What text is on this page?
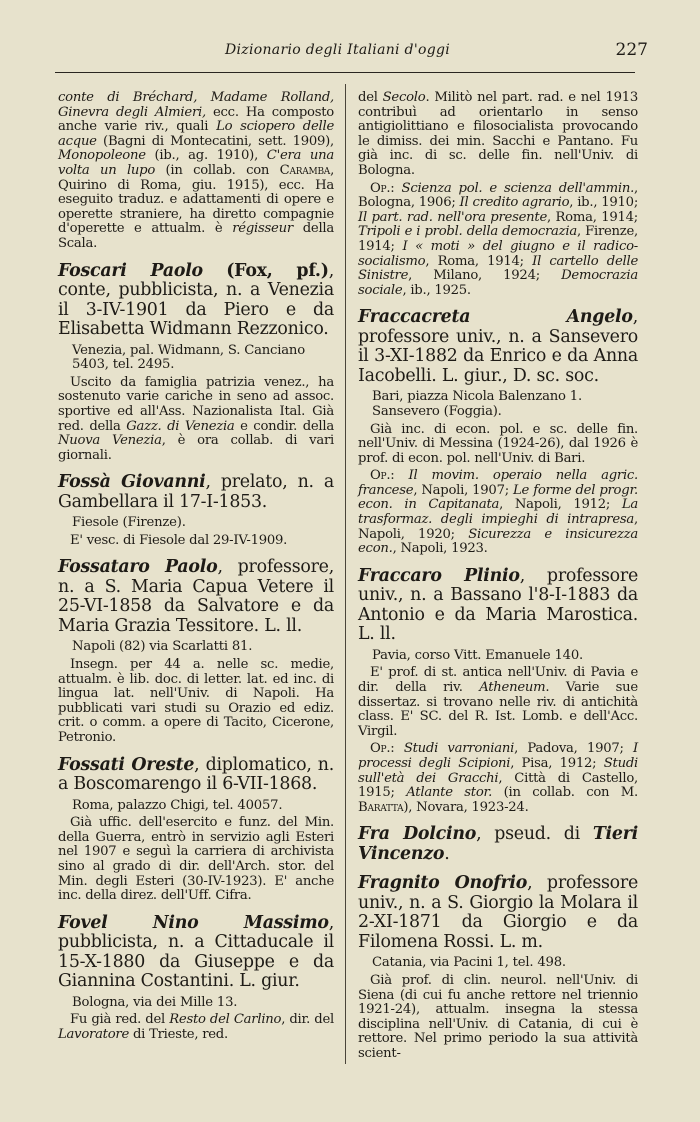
Dizionario degli Italiani d'oggi	227
conte di Bréchard, Madame Rolland, Ginevra degli Almieri, ecc. Ha composto anche varie riv., quali Lo sciopero delle acque (Bagni di Montecatini, sett. 1909), Monopoleone (ib., ag. 1910), C'era una volta un lupo (in collab. con Caramba, Quirino di Roma, giu. 1915), ecc. Ha eseguito traduz. e adattamenti di opere e operette straniere, ha diretto compagnie d'operette e attualm. è régisseur della Scala.
Foscari Paolo (Fox, pf.), conte, pubblicista, n. a Venezia il 3-IV-1901 da Piero e da Elisabetta Widmann Rezzonico.
Venezia, pal. Widmann, S. Canciano 5403, tel. 2495.
Uscito da famiglia patrizia venez., ha sostenuto varie cariche in seno ad assoc. sportive ed all'Ass. Nazionalista Ital. Già red. della Gazz. di Venezia e condir. della Nuova Venezia, è ora collab. di vari giornali.
Fossà Giovanni, prelato, n. a Gambellara il 17-I-1853.
Fiesole (Firenze).
E' vesc. di Fiesole dal 29-IV-1909.
Fossataro Paolo, professore, n. a S. Maria Capua Vetere il 25-VI-1858 da Salvatore e da Maria Grazia Tessitore. L. ll.
Napoli (82) via Scarlatti 81.
Insegn. per 44 a. nelle sc. medie, attualm. è lib. doc. di letter. lat. ed inc. di lingua lat. nell'Univ. di Napoli. Ha pubblicati vari studi su Orazio ed ediz. crit. o comm. a opere di Tacito, Cicerone, Petronio.
Fossati Oreste, diplomatico, n. a Boscomarengo il 6-VII-1868.
Roma, palazzo Chigi, tel. 40057.
Già uffic. dell'esercito e funz. del Min. della Guerra, entrò in servizio agli Esteri nel 1907 e seguì la carriera di archivista sino al grado di dir. dell'Arch. stor. del Min. degli Esteri (30-IV-1923). E' anche inc. della direz. dell'Uff. Cifra.
Fovel Nino Massimo, pubblicista, n. a Cittaducale il 15-X-1880 da Giuseppe e da Giannina Costantini. L. giur.
Bologna, via dei Mille 13.
Fu già red. del Resto del Carlino, dir. del Lavoratore di Trieste, red.
del Secolo. Militò nel part. rad. e nel 1913 contribuì ad orientarlo in senso antigiolittiano e filosocialista provocando le dimiss. dei min. Sacchi e Pantano. Fu già inc. di sc. delle fin. nell'Univ. di Bologna.
Op.: Scienza pol. e scienza dell'ammin., Bologna, 1906; Il credito agrario, ib., 1910; Il part. rad. nell'ora presente, Roma, 1914; Tripoli e i probl. della democrazia, Firenze, 1914; I « moti » del giugno e il radico-socialismo, Roma, 1914; Il cartello delle Sinistre, Milano, 1924; Democrazia sociale, ib., 1925.
Fraccacreta Angelo, professore univ., n. a Sansevero il 3-XI-1882 da Enrico e da Anna Iacobelli. L. giur., D. sc. soc.
Bari, piazza Nicola Balenzano 1.
Sansevero (Foggia).
Già inc. di econ. pol. e sc. delle fin. nell'Univ. di Messina (1924-26), dal 1926 è prof. di econ. pol. nell'Univ. di Bari.
Op.: Il movim. operaio nella agric. francese, Napoli, 1907; Le forme del progr. econ. in Capitanata, Napoli, 1912; La trasformaz. degli impieghi di intrapresa, Napoli, 1920; Sicurezza e insicurezza econ., Napoli, 1923.
Fraccaro Plinio, professore univ., n. a Bassano l'8-I-1883 da Antonio e da Maria Marostica. L. ll.
Pavia, corso Vitt. Emanuele 140.
E' prof. di st. antica nell'Univ. di Pavia e dir. della riv. Atheneum. Varie sue dissertaz. si trovano nelle riv. di antichità class. E' SC. del R. Ist. Lomb. e dell'Acc. Virgil.
Op.: Studi varroniani, Padova, 1907; I processi degli Scipioni, Pisa, 1912; Studi sull'età dei Gracchi, Città di Castello, 1915; Atlante stor. (in collab. con M. Baratta), Novara, 1923-24.
Fra Dolcino, pseud. di Tieri Vincenzo.
Fragnito Onofrio, professore univ., n. a S. Giorgio la Molara il 2-XI-1871 da Giorgio e da Filomena Rossi. L. m.
Catania, via Pacini 1, tel. 498.
Già prof. di clin. neurol. nell'Univ. di Siena (di cui fu anche rettore nel triennio 1921-24), attualm. insegna la stessa disciplina nell'Univ. di Catania, di cui è rettore. Nel primo periodo la sua attività scient-
